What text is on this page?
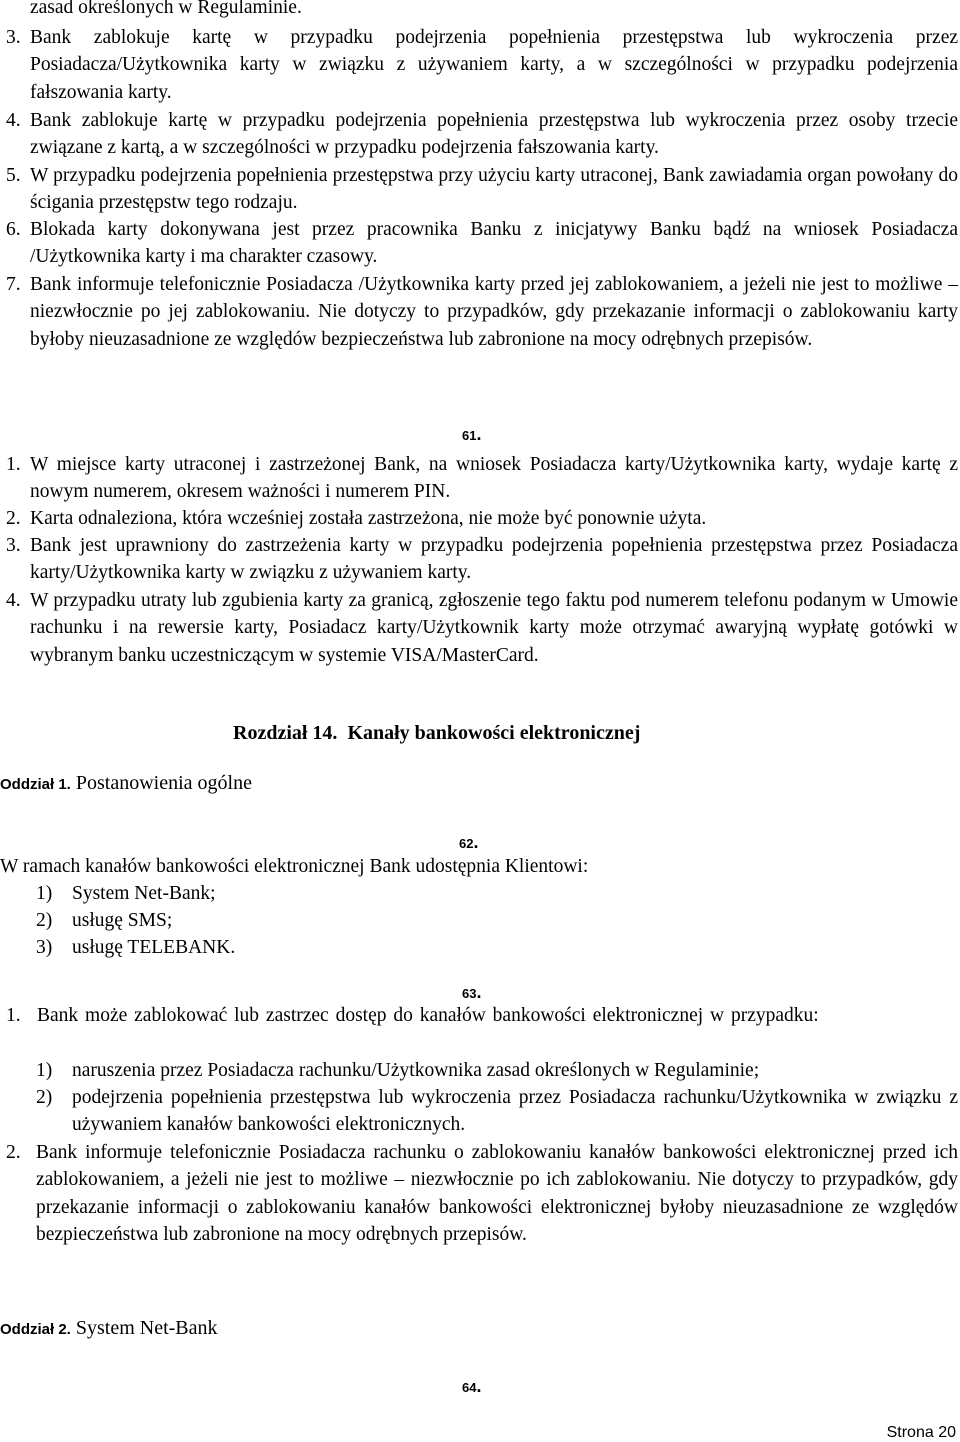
zasad określonych w Regulaminie.
3. Bank zablokuje kartę w przypadku podejrzenia popełnienia przestępstwa lub wykroczenia przez Posiadacza/Użytkownika karty w związku z używaniem karty, a w szczególności w przypadku podejrzenia fałszowania karty.
4. Bank zablokuje kartę w przypadku podejrzenia popełnienia przestępstwa lub wykroczenia przez osoby trzecie związane z kartą, a w szczególności w przypadku podejrzenia fałszowania karty.
5. W przypadku podejrzenia popełnienia przestępstwa przy użyciu karty utraconej, Bank zawiadamia organ powołany do ścigania przestępstw tego rodzaju.
6. Blokada karty dokonywana jest przez pracownika Banku z inicjatywy Banku bądź na wniosek Posiadacza /Użytkownika karty i ma charakter czasowy.
7. Bank informuje telefonicznie Posiadacza /Użytkownika karty przed jej zablokowaniem, a jeżeli nie jest to możliwe – niezwłocznie po jej zablokowaniu. Nie dotyczy to przypadków, gdy przekazanie informacji o zablokowaniu karty byłoby nieuzasadnione ze względów bezpieczeństwa lub zabronione na mocy odrębnych przepisów.
61.
1. W miejsce karty utraconej i zastrzeżonej Bank, na wniosek Posiadacza karty/Użytkownika karty, wydaje kartę z nowym numerem, okresem ważności i numerem PIN.
2. Karta odnaleziona, która wcześniej została zastrzeżona, nie może być ponownie użyta.
3. Bank jest uprawniony do zastrzeżenia karty w przypadku podejrzenia popełnienia przestępstwa przez Posiadacza karty/Użytkownika karty w związku z używaniem karty.
4. W przypadku utraty lub zgubienia karty za granicą, zgłoszenie tego faktu pod numerem telefonu podanym w Umowie rachunku i na rewersie karty, Posiadacz karty/Użytkownik karty może otrzymać awaryjną wypłatę gotówki w wybranym banku uczestniczącym w systemie VISA/MasterCard.
Rozdział 14. Kanały bankowości elektronicznej
Oddział 1. Postanowienia ogólne
62.
W ramach kanałów bankowości elektronicznej Bank udostępnia Klientowi:
1) System Net-Bank;
2) usługę SMS;
3) usługę TELEBANK.
63.
1. Bank może zablokować lub zastrzec dostęp do kanałów bankowości elektronicznej w przypadku:
1) naruszenia przez Posiadacza rachunku/Użytkownika zasad określonych w Regulaminie;
2) podejrzenia popełnienia przestępstwa lub wykroczenia przez Posiadacza rachunku/Użytkownika w związku z używaniem kanałów bankowości elektronicznych.
2. Bank informuje telefonicznie Posiadacza rachunku o zablokowaniu kanałów bankowości elektronicznej przed ich zablokowaniem, a jeżeli nie jest to możliwe – niezwłocznie po ich zablokowaniu. Nie dotyczy to przypadków, gdy przekazanie informacji o zablokowaniu kanałów bankowości elektronicznej byłoby nieuzasadnione ze względów bezpieczeństwa lub zabronione na mocy odrębnych przepisów.
Oddział 2. System Net-Bank
64.
Strona 20
